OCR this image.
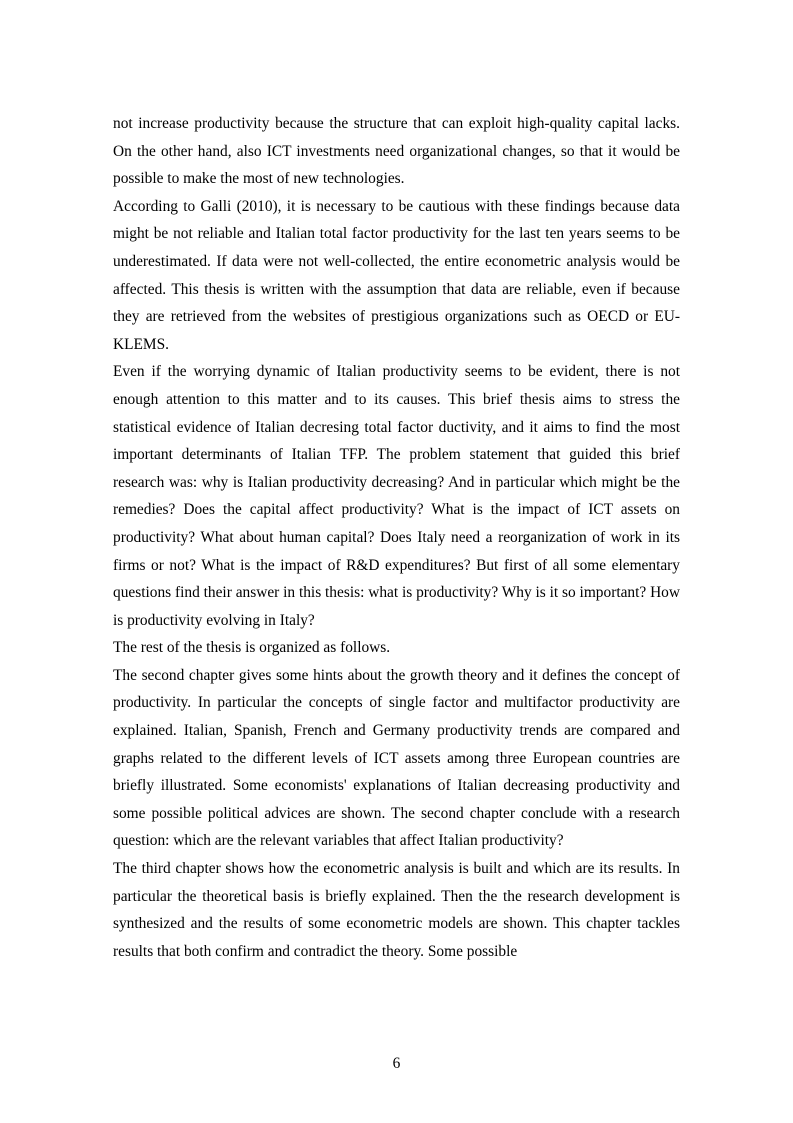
not increase productivity because the structure that can exploit high-quality capital lacks. On the other hand, also ICT investments need organizational changes, so that it would be possible to make the most of new technologies.

According to Galli (2010), it is necessary to be cautious with these findings because data might be not reliable and Italian total factor productivity for the last ten years seems to be underestimated. If data were not well-collected, the entire econometric analysis would be affected. This thesis is written with the assumption that data are reliable, even if because they are retrieved from the websites of prestigious organizations such as OECD or EU-KLEMS.

Even if the worrying dynamic of Italian productivity seems to be evident, there is not enough attention to this matter and to its causes. This brief thesis aims to stress the statistical evidence of Italian decresing total factor ductivity, and it aims to find the most important determinants of Italian TFP. The problem statement that guided this brief research was: why is Italian productivity decreasing? And in particular which might be the remedies? Does the capital affect productivity? What is the impact of ICT assets on productivity? What about human capital? Does Italy need a reorganization of work in its firms or not? What is the impact of R&D expenditures? But first of all some elementary questions find their answer in this thesis: what is productivity? Why is it so important? How is productivity evolving in Italy?

The rest of the thesis is organized as follows.

The second chapter gives some hints about the growth theory and it defines the concept of productivity. In particular the concepts of single factor and multifactor productivity are explained. Italian, Spanish, French and Germany productivity trends are compared and graphs related to the different levels of ICT assets among three European countries are briefly illustrated. Some economists' explanations of Italian decreasing productivity and some possible political advices are shown. The second chapter conclude with a research question: which are the relevant variables that affect Italian productivity?

The third chapter shows how the econometric analysis is built and which are its results. In particular the theoretical basis is briefly explained. Then the the research development is synthesized and the results of some econometric models are shown. This chapter tackles results that both confirm and contradict the theory. Some possible

6
